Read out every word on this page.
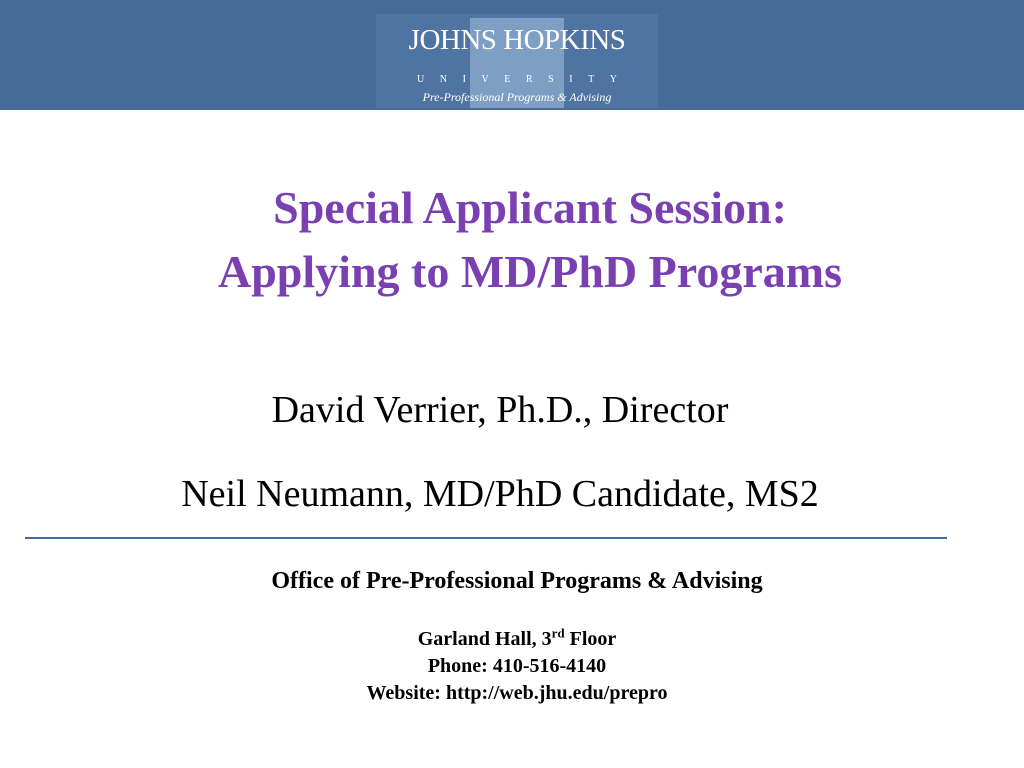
JOHNS HOPKINS
U N I V E R S I T Y
Pre-Professional Programs & Advising
Special Applicant Session:
Applying to MD/PhD Programs
David Verrier, Ph.D., Director
Neil Neumann, MD/PhD Candidate, MS2
Office of Pre-Professional Programs & Advising
Garland Hall, 3rd Floor
Phone: 410-516-4140
Website: http://web.jhu.edu/prepro
